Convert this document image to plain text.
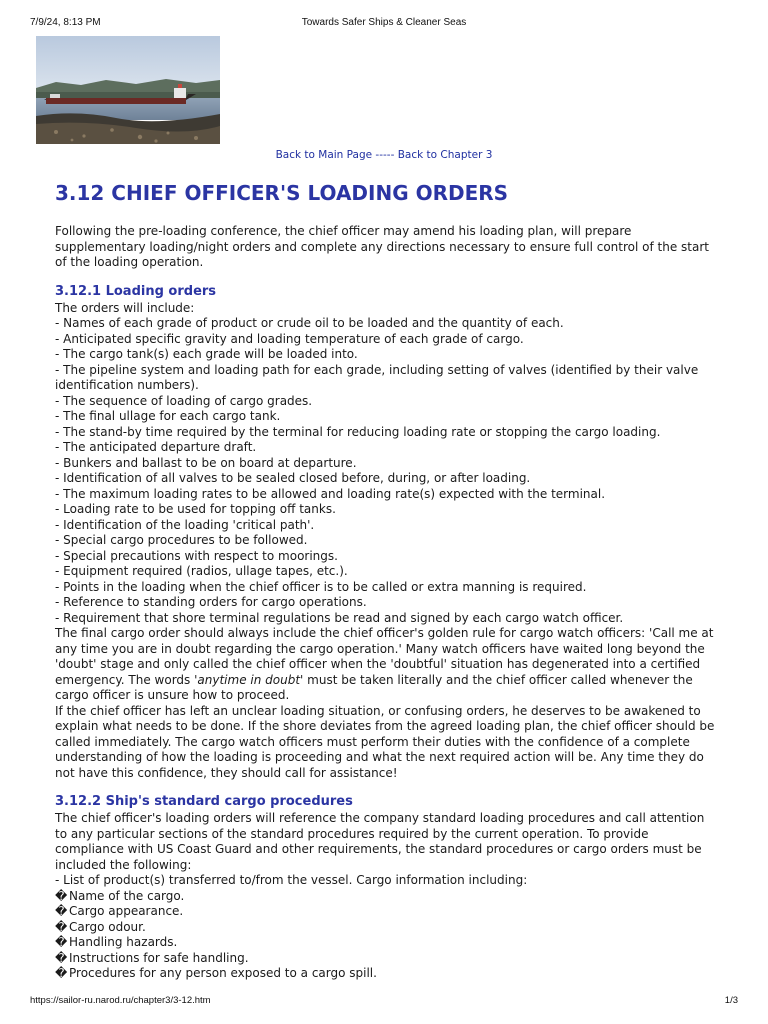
7/9/24, 8:13 PM	Towards Safer Ships & Cleaner Seas
Back to Main Page ----- Back to Chapter 3
3.12 CHIEF OFFICER'S LOADING ORDERS

Following the pre-loading conference, the chief officer may amend his loading plan, will prepare supplementary loading/night orders and complete any directions necessary to ensure full control of the start of the loading operation.

3.12.1 Loading orders

The orders will include:

- Names of each grade of product or crude oil to be loaded and the quantity of each.
- Anticipated specific gravity and loading temperature of each grade of cargo.
- The cargo tank(s) each grade will be loaded into.
- The pipeline system and loading path for each grade, including setting of valves (identified by their valve identification numbers).
- The sequence of loading of cargo grades.
- The final ullage for each cargo tank.
- The stand-by time required by the terminal for reducing loading rate or stopping the cargo loading.
- The anticipated departure draft.
- Bunkers and ballast to be on board at departure.
- Identification of all valves to be sealed closed before, during, or after loading.
- The maximum loading rates to be allowed and loading rate(s) expected with the terminal.
- Loading rate to be used for topping off tanks.
- Identification of the loading 'critical path'.
- Special cargo procedures to be followed.
- Special precautions with respect to moorings.
- Equipment required (radios, ullage tapes, etc.).
- Points in the loading when the chief officer is to be called or extra manning is required.
- Reference to standing orders for cargo operations.
- Requirement that shore terminal regulations be read and signed by each cargo watch officer.

The final cargo order should always include the chief officer's golden rule for cargo watch officers: 'Call me at any time you are in doubt regarding the cargo operation.' Many watch officers have waited long beyond the 'doubt' stage and only called the chief officer when the 'doubtful' situation has degenerated into a certified emergency. The words 'anytime in doubt' must be taken literally and the chief officer called whenever the cargo officer is unsure how to proceed.

If the chief officer has left an unclear loading situation, or confusing orders, he deserves to be awakened to explain what needs to be done. If the shore deviates from the agreed loading plan, the chief officer should be called immediately. The cargo watch officers must perform their duties with the confidence of a complete understanding of how the loading is proceeding and what the next required action will be. Any time they do not have this confidence, they should call for assistance!

3.12.2 Ship's standard cargo procedures

The chief officer's loading orders will reference the company standard loading procedures and call attention to any particular sections of the standard procedures required by the current operation. To provide compliance with US Coast Guard and other requirements, the standard procedures or cargo orders must be included the following:

- List of product(s) transferred to/from the vessel. Cargo information including:

� Name of the cargo.
� Cargo appearance.
� Cargo odour.
� Handling hazards.
� Instructions for safe handling.
� Procedures for any person exposed to a cargo spill.
https://sailor-ru.narod.ru/chapter3/3-12.htm	1/3
